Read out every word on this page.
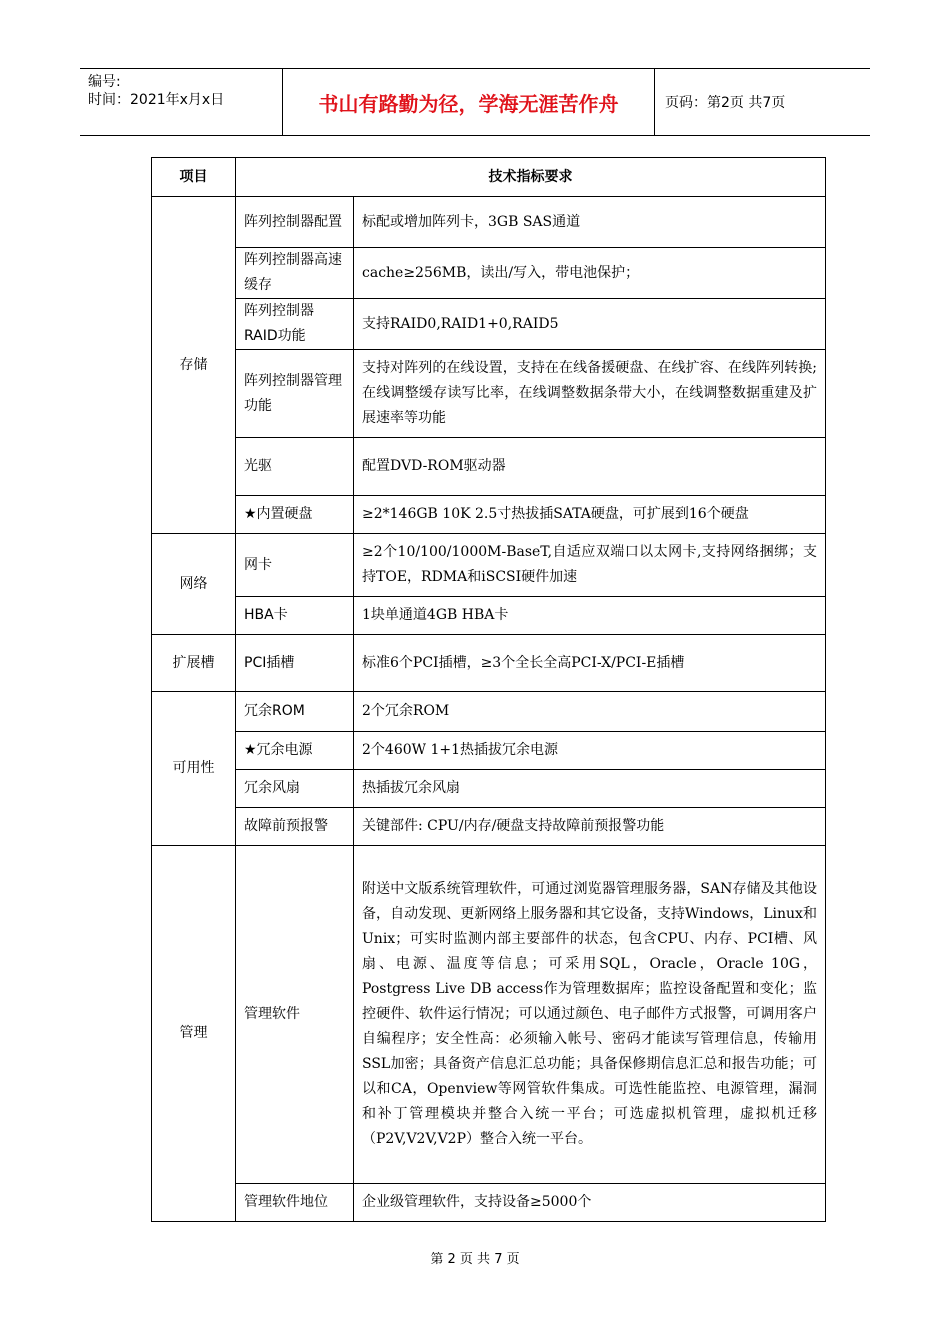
编号:
时间：2021年x月x日	书山有路勤为径，学海无涯苦作舟	页码：第2页 共7页
项目	技术指标要求	
存储	阵列控制器配置	标配或增加阵列卡，3GB SAS通道
	阵列控制器高速缓存	cache≥256MB，读出/写入，带电池保护；
	阵列控制器RAID功能	支持RAID0,RAID1+0,RAID5
	阵列控制器管理功能	支持对阵列的在线设置，支持在在线备援硬盘、在线扩容、在线阵列转换;在线调整缓存读写比率，在线调整数据条带大小，在线调整数据重建及扩展速率等功能
	光驱	配置DVD-ROM驱动器
	★内置硬盘	≥2*146GB 10K 2.5寸热拔插SATA硬盘，可扩展到16个硬盘
网络	网卡	≥2个10/100/1000M-BaseT,自适应双端口以太网卡,支持网络捆绑；支持TOE，RDMA和iSCSI硬件加速
	HBA卡	1块单通道4GB HBA卡
扩展槽	PCI插槽	标准6个PCI插槽，≥3个全长全高PCI-X/PCI-E插槽
可用性	冗余ROM	2个冗余ROM
	★冗余电源	2个460W 1+1热插拔冗余电源
	冗余风扇	热插拔冗余风扇
	故障前预报警	关键部件: CPU/内存/硬盘支持故障前预报警功能
管理	管理软件	附送中文版系统管理软件，可通过浏览器管理服务器，SAN存储及其他设备，自动发现、更新网络上服务器和其它设备，支持Windows，Linux和Unix；可实时监测内部主要部件的状态，包含CPU、内存、PCI槽、风扇、电源、温度等信息；可采用SQL，Oracle，Oracle 10G，Postgress Live DB access作为管理数据库；监控设备配置和变化；监控硬件、软件运行情况；可以通过颜色、电子邮件方式报警，可调用客户自编程序；安全性高：必须输入帐号、密码才能读写管理信息，传输用SSL加密；具备资产信息汇总功能；具备保修期信息汇总和报告功能；可以和CA，Openview等网管软件集成。可选性能监控、电源管理，漏洞和补丁管理模块并整合入统一平台；可选虚拟机管理，虚拟机迁移（P2V,V2V,V2P）整合入统一平台。
	管理软件地位	企业级管理软件，支持设备≥5000个
第 2 页 共 7 页
